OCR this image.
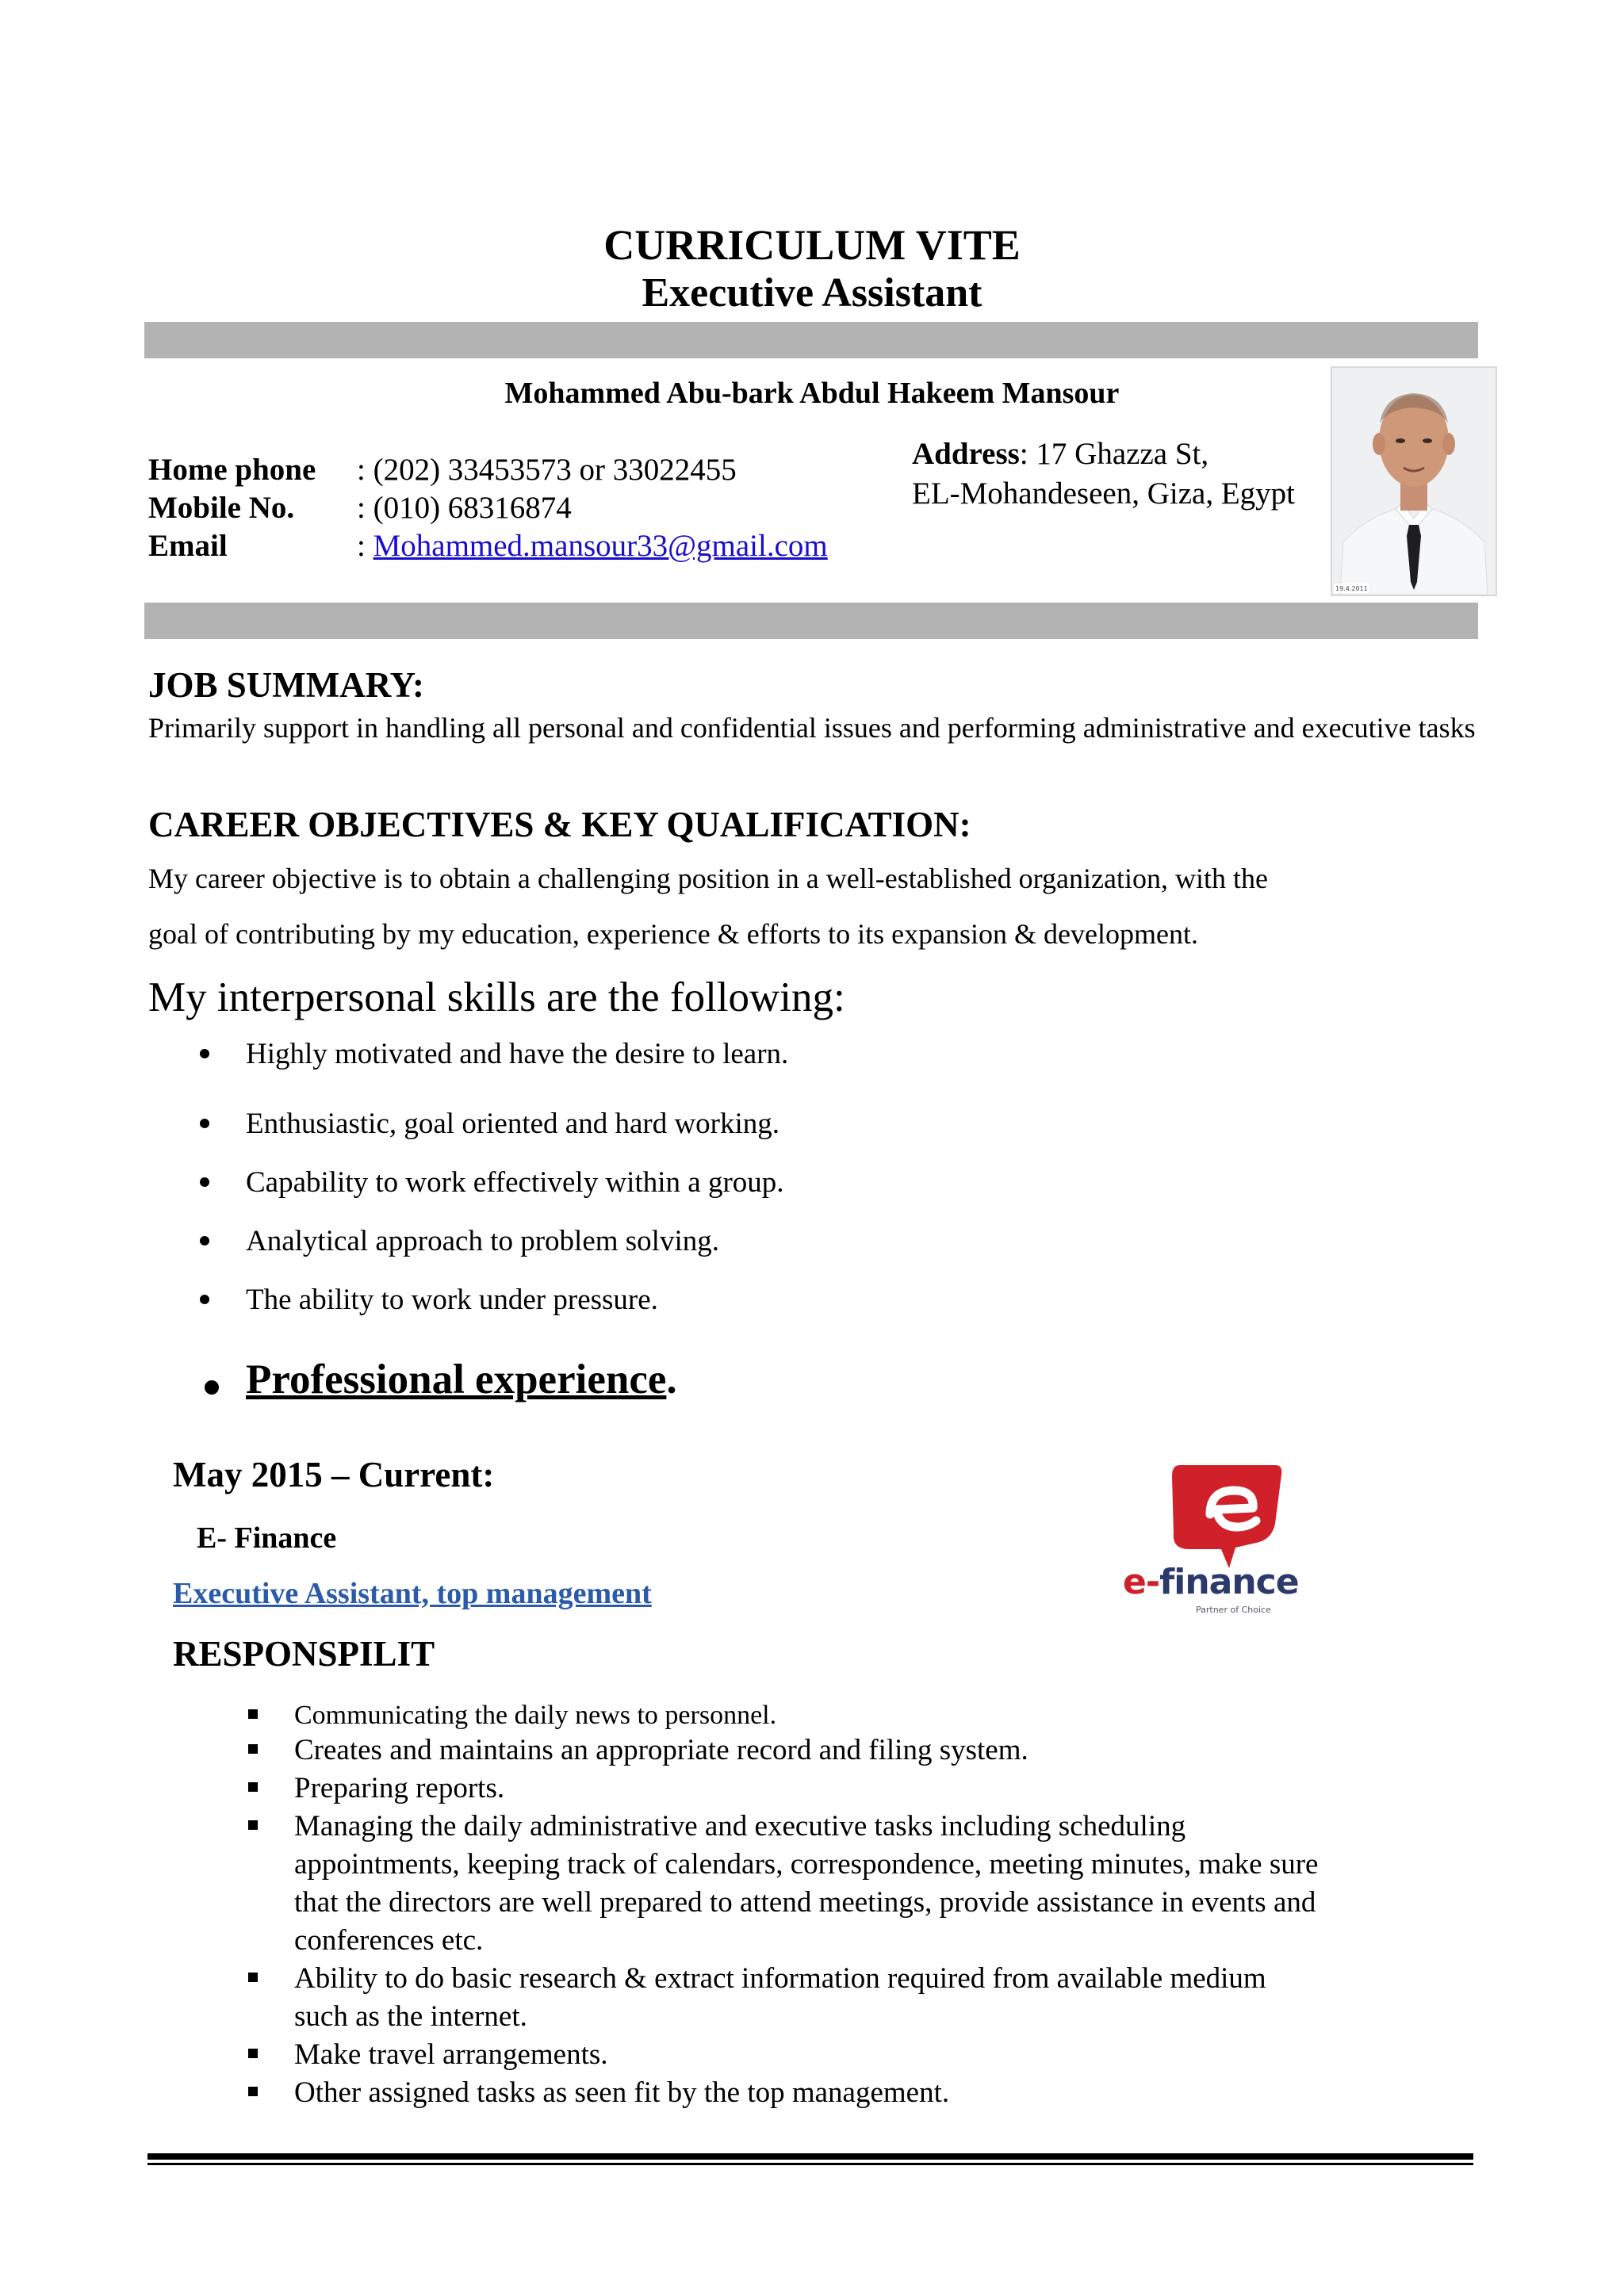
CURRICULUM VITE
Executive Assistant
Mohammed Abu-bark Abdul Hakeem Mansour
Home phone : (202) 33453573 or 33022455
Mobile No. : (010) 68316874
Email	: Mohammed.mansour33@gmail.com
Address: 17 Ghazza St,
EL-Mohandeseen, Giza, Egypt
19.4.2011
JOB SUMMARY:
Primarily support in handling all personal and confidential issues and performing administrative and executive tasks
CAREER OBJECTIVES & KEY QUALIFICATION:
My career objective is to obtain a challenging position in a well-established organization, with the
goal of contributing by my education, experience & efforts to its expansion & development.
My interpersonal skills are the following:
Highly motivated and have the desire to learn.
Enthusiastic, goal oriented and hard working.
Capability to work effectively within a group.
Analytical approach to problem solving.
The ability to work under pressure.
Professional experience.
May 2015 – Current:
E- Finance
Executive Assistant, top management
RESPONSPILIT
e-finance
Partner of Choice
Communicating the daily news to personnel.
Creates and maintains an appropriate record and filing system.
Preparing reports.
Managing the daily administrative and executive tasks including scheduling appointments, keeping track of calendars, correspondence, meeting minutes, make sure that the directors are well prepared to attend meetings, provide assistance in events and conferences etc.
Ability to do basic research & extract information required from available medium such as the internet.
Make travel arrangements.
Other assigned tasks as seen fit by the top management.
